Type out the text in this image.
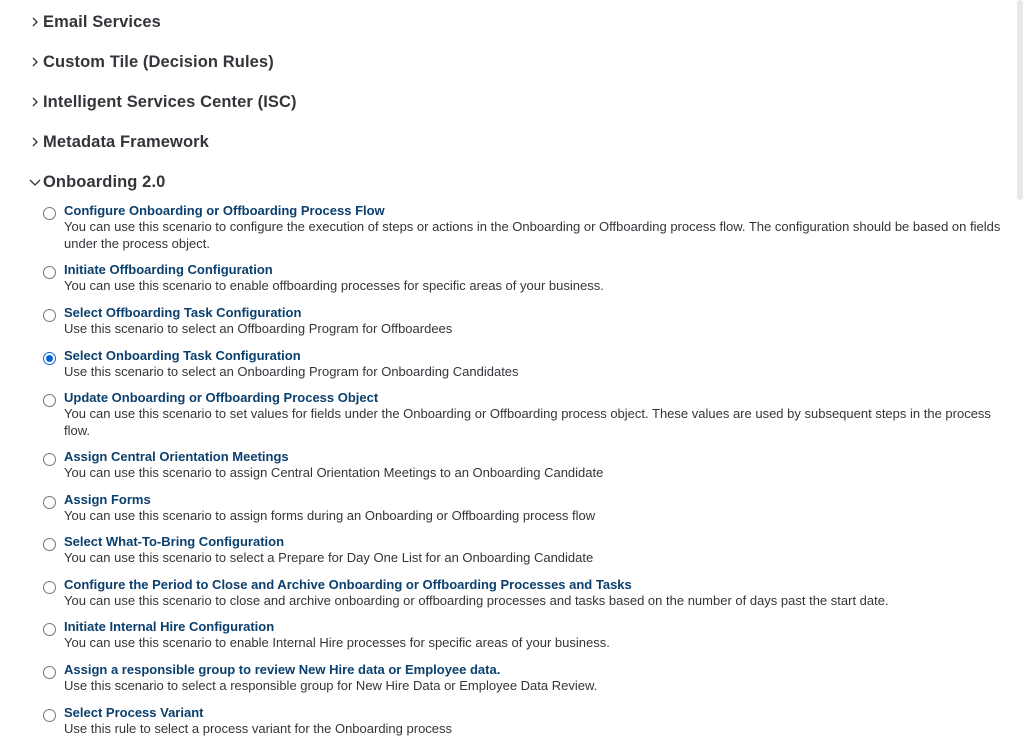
Email Services
Custom Tile (Decision Rules)
Intelligent Services Center (ISC)
Metadata Framework
Onboarding 2.0
Configure Onboarding or Offboarding Process Flow
You can use this scenario to configure the execution of steps or actions in the Onboarding or Offboarding process flow. The configuration should be based on fields under the process object.
Initiate Offboarding Configuration
You can use this scenario to enable offboarding processes for specific areas of your business.
Select Offboarding Task Configuration
Use this scenario to select an Offboarding Program for Offboardees
Select Onboarding Task Configuration
Use this scenario to select an Onboarding Program for Onboarding Candidates
Update Onboarding or Offboarding Process Object
You can use this scenario to set values for fields under the Onboarding or Offboarding process object. These values are used by subsequent steps in the process flow.
Assign Central Orientation Meetings
You can use this scenario to assign Central Orientation Meetings to an Onboarding Candidate
Assign Forms
You can use this scenario to assign forms during an Onboarding or Offboarding process flow
Select What-To-Bring Configuration
You can use this scenario to select a Prepare for Day One List for an Onboarding Candidate
Configure the Period to Close and Archive Onboarding or Offboarding Processes and Tasks
You can use this scenario to close and archive onboarding or offboarding processes and tasks based on the number of days past the start date.
Initiate Internal Hire Configuration
You can use this scenario to enable Internal Hire processes for specific areas of your business.
Assign a responsible group to review New Hire data or Employee data.
Use this scenario to select a responsible group for New Hire Data or Employee Data Review.
Select Process Variant
Use this rule to select a process variant for the Onboarding process
